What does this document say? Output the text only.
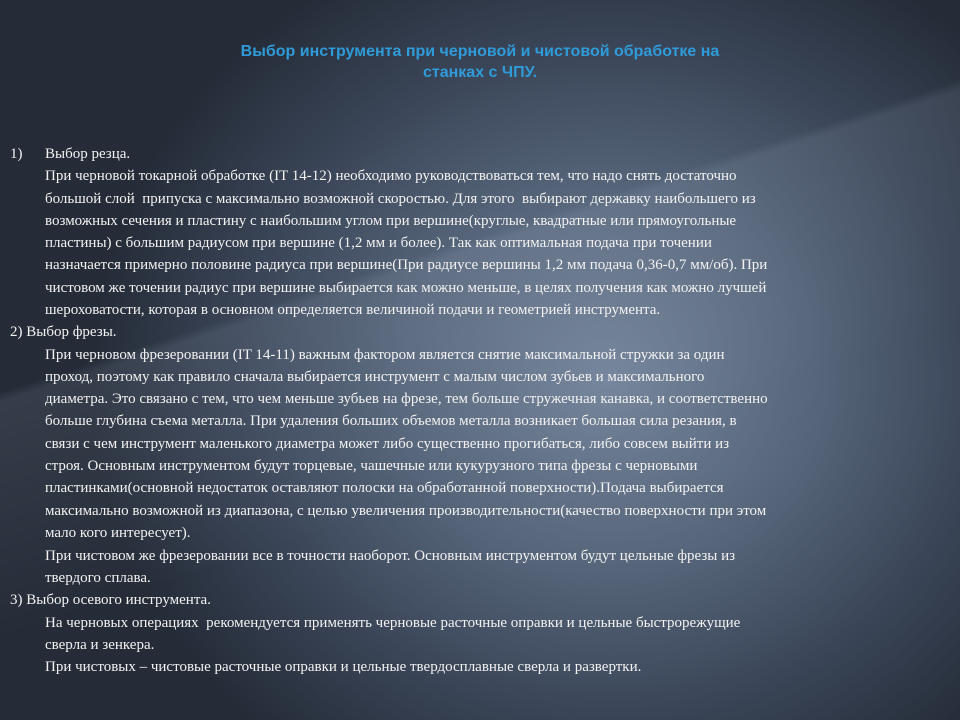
Выбор инструмента при черновой и чистовой обработке на
станках с ЧПУ.
1) Выбор резца.
При черновой токарной обработке (IT 14-12) необходимо руководствоваться тем, что надо снять достаточно
большой слой  припуска с максимально возможной скоростью. Для этого  выбирают державку наибольшего из
возможных сечения и пластину с наибольшим углом при вершине(круглые, квадратные или прямоугольные
пластины) с большим радиусом при вершине (1,2 мм и более). Так как оптимальная подача при точении
назначается примерно половине радиуса при вершине(При радиусе вершины 1,2 мм подача 0,36-0,7 мм/об). При
чистовом же точении радиус при вершине выбирается как можно меньше, в целях получения как можно лучшей
шероховатости, которая в основном определяется величиной подачи и геометрией инструмента.
2) Выбор фрезы.
При черновом фрезеровании (IT 14-11) важным фактором является снятие максимальной стружки за один
проход, поэтому как правило сначала выбирается инструмент с малым числом зубьев и максимального
диаметра. Это связано с тем, что чем меньше зубьев на фрезе, тем больше стружечная канавка, и соответственно
больше глубина съема металла. При удаления больших объемов металла возникает большая сила резания, в
связи с чем инструмент маленького диаметра может либо существенно прогибаться, либо совсем выйти из
строя. Основным инструментом будут торцевые, чашечные или кукурузного типа фрезы с черновыми
пластинками(основной недостаток оставляют полоски на обработанной поверхности).Подача выбирается
максимально возможной из диапазона, с целью увеличения производительности(качество поверхности при этом
мало кого интересует).
При чистовом же фрезеровании все в точности наоборот. Основным инструментом будут цельные фрезы из
твердого сплава.
3) Выбор осевого инструмента.
На черновых операциях  рекомендуется применять черновые расточные оправки и цельные быстрорежущие
сверла и зенкера.
При чистовых – чистовые расточные оправки и цельные твердосплавные сверла и развертки.
